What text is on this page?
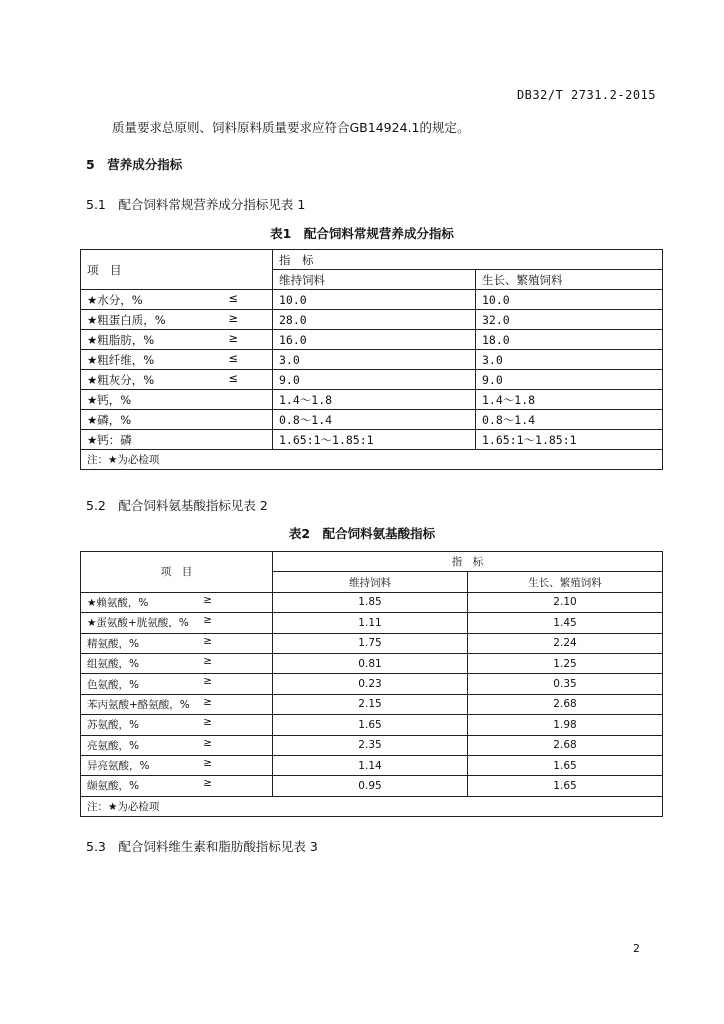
DB32/T 2731.2-2015
质量要求总原则、饲料原料质量要求应符合GB14924.1的规定。
5　营养成分指标
5.1　配合饲料常规营养成分指标见表 1
表1　配合饲料常规营养成分指标
项　目	指　标	
	维持饲料	生长、繁殖饲料
★水分，% ≤	10.0	10.0
★粗蛋白质，% ≥	28.0	32.0
★粗脂肪，% ≥	16.0	18.0
★粗纤维，% ≤	3.0	3.0
★粗灰分，% ≤	9.0	9.0
★钙，%	1.4～1.8	1.4～1.8
★磷，%	0.8～1.4	0.8～1.4
★钙：磷	1.65:1～1.85:1	1.65:1～1.85:1
注：★为必检项		
5.2　配合饲料氨基酸指标见表 2
表2　配合饲料氨基酸指标
项　目	指　标	
	维持饲料	生长、繁殖饲料
★赖氨酸，% ≥	1.85	2.10
★蛋氨酸+胱氨酸，% ≥	1.11	1.45
精氨酸，% ≥	1.75	2.24
组氨酸，% ≥	0.81	1.25
色氨酸，% ≥	0.23	0.35
苯丙氨酸+酪氨酸，% ≥	2.15	2.68
苏氨酸，% ≥	1.65	1.98
亮氨酸，% ≥	2.35	2.68
异亮氨酸，% ≥	1.14	1.65
缬氨酸，% ≥	0.95	1.65
注：★为必检项		
5.3　配合饲料维生素和脂肪酸指标见表 3
2
